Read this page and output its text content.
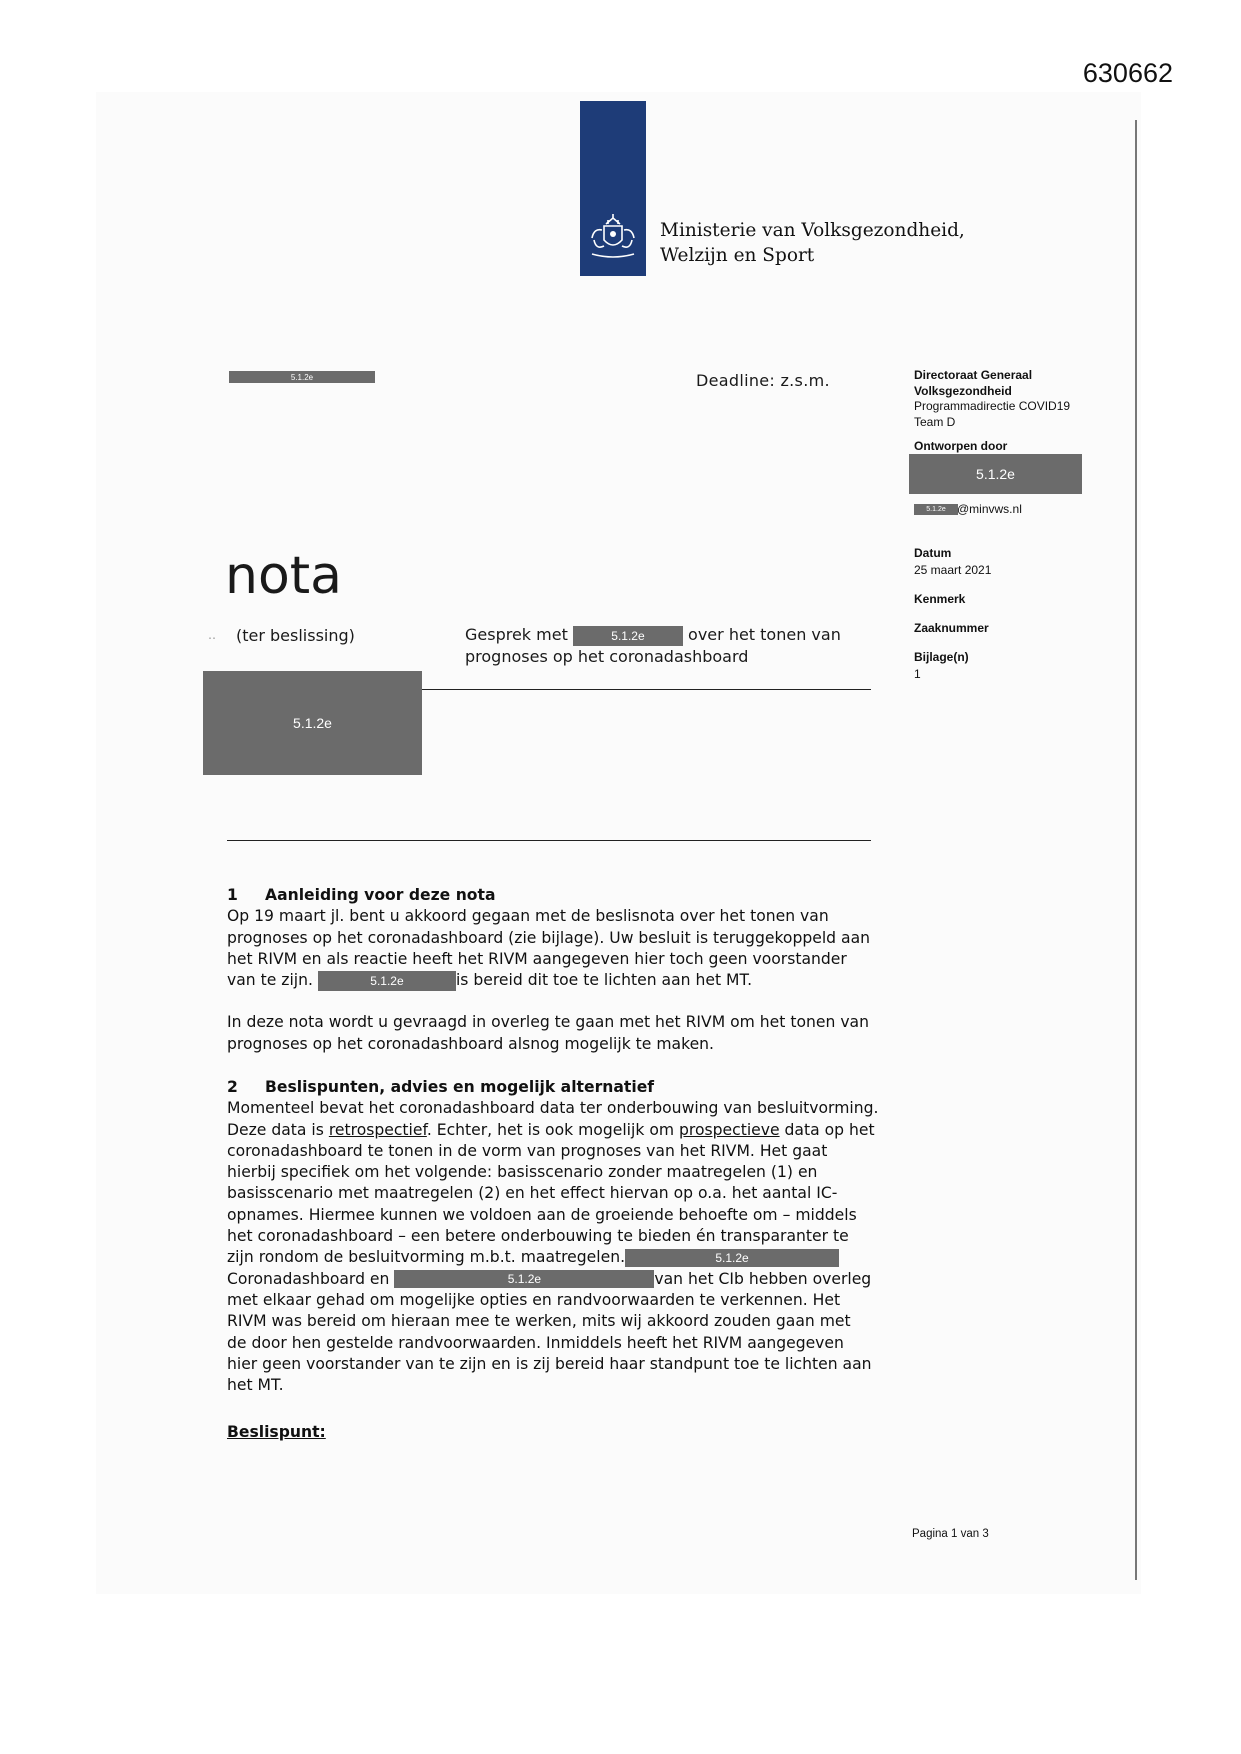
630662
Ministerie van Volksgezondheid,
Welzijn en Sport
5.1.2e	Deadline: z.s.m.	Directoraat Generaal
Volksgezondheid
Programmadirectie COVID19
Team D
Ontworpen door
5.1.2e
5.1.2e @minvws.nl
Datum
25 maart 2021
Kenmerk
Zaaknummer
Bijlage(n)
1
nota
․․ (ter beslissing)	Gesprek met	5.1.2e	over het tonen van
prognoses op het coronadashboard
5.1.2e
1 Aanleiding voor deze nota
Op 19 maart jl. bent u akkoord gegaan met de beslisnota over het tonen van
prognoses op het coronadashboard (zie bijlage). Uw besluit is teruggekoppeld aan
het RIVM en als reactie heeft het RIVM aangegeven hier toch geen voorstander
van te zijn.	5.1.2e	is bereid dit toe te lichten aan het MT.
In deze nota wordt u gevraagd in overleg te gaan met het RIVM om het tonen van
prognoses op het coronadashboard alsnog mogelijk te maken.
2 Beslispunten, advies en mogelijk alternatief
Momenteel bevat het coronadashboard data ter onderbouwing van besluitvorming.
Deze data is retrospectief. Echter, het is ook mogelijk om prospectieve data op het
coronadashboard te tonen in de vorm van prognoses van het RIVM. Het gaat
hierbij specifiek om het volgende: basisscenario zonder maatregelen (1) en
basisscenario met maatregelen (2) en het effect hiervan op o.a. het aantal IC-
opnames. Hiermee kunnen we voldoen aan de groeiende behoefte om – middels
het coronadashboard – een betere onderbouwing te bieden én transparanter te
zijn rondom de besluitvorming m.b.t. maatregelen.	5.1.2e
Coronadashboard en	5.1.2e	van het CIb hebben overleg
met elkaar gehad om mogelijke opties en randvoorwaarden te verkennen. Het
RIVM was bereid om hieraan mee te werken, mits wij akkoord zouden gaan met
de door hen gestelde randvoorwaarden. Inmiddels heeft het RIVM aangegeven
hier geen voorstander van te zijn en is zij bereid haar standpunt toe te lichten aan
het MT.
Beslispunt:
Pagina 1 van 3
